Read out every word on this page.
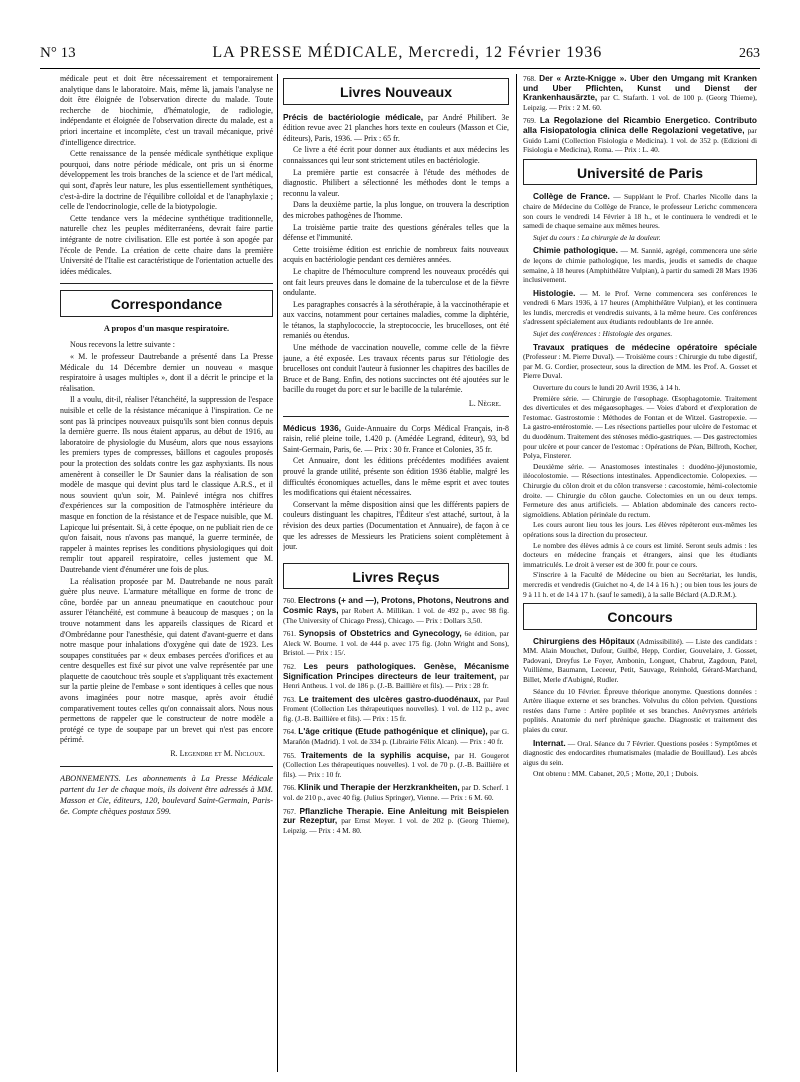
N° 13	LA PRESSE MÉDICALE, Mercredi, 12 Février 1936	263

médicale peut et doit être nécessairement et temporairement analytique dans le laboratoire. Mais, même là, jamais l'analyse ne doit être éloignée de l'observation directe du malade. Toute recherche de biochimie, d'hématologie, de radiologie, indépendante et éloignée de l'observation directe du malade, est a priori incertaine et incomplète, c'est un travail mécanique, privé d'intelligence directrice.

Cette renaissance de la pensée médicale synthétique explique pourquoi, dans notre période médicale, ont pris un si énorme développement les trois branches de la science et de l'art médical, qui sont, d'après leur nature, les plus essentiellement synthétiques, c'est-à-dire la doctrine de l'équilibre colloïdal et de l'anaphylaxie ; celle de l'endocrinologie, celle de la biotypologie.

Cette tendance vers la médecine synthétique traditionnelle, naturelle chez les peuples méditerranéens, devrait faire partie intégrante de notre civilisation. Elle est portée à son apogée par l'école de Pende. La création de cette chaire dans la première Université de l'Italie est caractéristique de l'orientation actuelle des idées médicales.

Correspondance
A propos d'un masque respiratoire.

Nous recevons la lettre suivante :

« M. le professeur Dautrebande a présenté dans La Presse Médicale du 14 Décembre dernier un nouveau « masque respiratoire à usages multiples », dont il a décrit le principe et la réalisation.

Il a voulu, dit-il, réaliser l'étanchéité, la suppression de l'espace nuisible et celle de la résistance mécanique à l'inspiration. Ce ne sont pas là principes nouveaux puisqu'ils sont bien connus depuis la dernière guerre. Ils nous étaient apparus, au début de 1916, au laboratoire de physiologie du Muséum, alors que nous essayions les premiers types de compresses, bâillons et cagoules proposés pour la protection des soldats contre les gaz asphyxiants. Ils nous amenèrent à conseiller le Dr Saunier dans la réalisation de son modèle de masque qui devint plus tard le classique A.R.S., et il nous souvient qu'un soir, M. Painlevé intégra nos chiffres d'expériences sur la composition de l'atmosphère intérieure du masque en fonction de la résistance et de l'espace nuisible, que M. Lapicque lui présentait. Si, à cette époque, on ne publiait rien de ce qu'on faisait, nous n'avons pas manqué, la guerre terminée, de rappeler à maintes reprises les conditions physiologiques qui doit remplir tout appareil respiratoire, celles justement que M. Dautrebande vient d'énumérer une fois de plus.

La réalisation proposée par M. Dautrebande ne nous paraît guère plus neuve. L'armature métallique en forme de tronc de cône, bordée par un anneau pneumatique en caoutchouc pour assurer l'étanchéité, est commune à beaucoup de masques ; on la trouve notamment dans les appareils classiques de Ricard et d'Ombrédanne pour l'anesthésie, qui datent d'avant-guerre et dans notre masque pour inhalations d'oxygène qui date de 1923. Les soupapes constituées par « deux embases percées d'orifices et au centre desquelles est fixé sur pivot une valve représentée par une plaquette de caoutchouc très souple et s'appliquant très exactement sur la partie pleine de l'embase » sont identiques à celles que nous avons imaginées pour notre masque, après avoir étudié comparativement toutes celles qu'on connaissait alors. Nous nous permettons de rappeler que le constructeur de notre modèle a protégé ce type de soupape par un brevet qui n'est pas encore périmé.

R. Legendre et M. Nicloux.

ABONNEMENTS. Les abonnements à La Presse Médicale partent du 1er de chaque mois, ils doivent être adressés à MM. Masson et Cie, éditeurs, 120, boulevard Saint-Germain, Paris-6e. Compte chèques postaux 599.

Livres Nouveaux

Précis de bactériologie médicale, par André Philibert. 3e édition revue avec 21 planches hors texte en couleurs (Masson et Cie, éditeurs), Paris, 1936. — Prix : 65 fr.

Ce livre a été écrit pour donner aux étudiants et aux médecins les connaissances qui leur sont strictement utiles en bactériologie.

La première partie est consacrée à l'étude des méthodes de diagnostic. Philibert a sélectionné les méthodes dont le temps a reconnu la valeur.

Dans la deuxième partie, la plus longue, on trouvera la description des microbes pathogènes de l'homme.

La troisième partie traite des questions générales telles que la défense et l'immunité.

Cette troisième édition est enrichie de nombreux faits nouveaux acquis en bactériologie pendant ces dernières années.

Le chapitre de l'hémoculture comprend les nouveaux procédés qui ont fait leurs preuves dans le domaine de la tuberculose et de la fièvre ondulante.

Les paragraphes consacrés à la sérothérapie, à la vaccinothérapie et aux vaccins, notamment pour certaines maladies, comme la diphtérie, le tétanos, la staphylococcie, la streptococcie, les brucelloses, ont été remaniés ou étendus.

Une méthode de vaccination nouvelle, comme celle de la fièvre jaune, a été exposée. Les travaux récents parus sur l'étiologie des brucelloses ont conduit l'auteur à fusionner les chapitres des bacilles de Bruce et de Bang. Enfin, des notions succinctes ont été ajoutées sur le bacille du rouget du porc et sur le bacille de la tularémie.

L. Nègre.

Médicus 1936, Guide-Annuaire du Corps Médical Français, in-8 raisin, relié pleine toile, 1.420 p. (Amédée Legrand, éditeur), 93, bd Saint-Germain, Paris, 6e. — Prix : 30 fr. France et Colonies, 35 fr.

Cet Annuaire, dont les éditions précédentes modifiées avaient prouvé la grande utilité, présente son édition 1936 établie, malgré les difficultés économiques actuelles, dans le même esprit et avec toutes les modifications qui étaient nécessaires.

Conservant la même disposition ainsi que les différents papiers de couleurs distinguant les chapitres, l'Éditeur s'est attaché, surtout, à la révision des deux parties (Documentation et Annuaire), de façon à ce que les adresses de Messieurs les Praticiens soient complètement à jour.

Livres Reçus

760. Electrons (+ and —), Protons, Photons, Neutrons and Cosmic Rays, par Robert A. Millikan. 1 vol. de 492 p., avec 98 fig. (The University of Chicago Press), Chicago. — Prix : Dollars 3,50.

761. Synopsis of Obstetrics and Gynecology, 6e édition, par Aleck W. Bourne. 1 vol. de 444 p. avec 175 fig. (John Wright and Sons), Bristol. — Prix : 15/.

762. Les peurs pathologiques. Genèse, Mécanisme Signification Principes directeurs de leur traitement, par Henri Antheus. 1 vol. de 186 p. (J.-B. Baillière et fils). — Prix : 28 fr.

763. Le traitement des ulcères gastro-duodénaux, par Paul Froment (Collection Les thérapeutiques nouvelles). 1 vol. de 112 p., avec fig. (J.-B. Baillière et fils). — Prix : 15 fr.

764. L'âge critique (Etude pathogénique et clinique), par G. Marañón (Madrid). 1 vol. de 334 p. (Librairie Félix Alcan). — Prix : 40 fr.

765. Traitements de la syphilis acquise, par H. Gougerot (Collection Les thérapeutiques nouvelles). 1 vol. de 70 p. (J.-B. Baillière et fils). — Prix : 10 fr.

766. Klinik und Therapie der Herzkrankheiten, par D. Scherf. 1 vol. de 210 p., avec 40 fig. (Julius Springer), Vienne. — Prix : 6 M. 60.

767. Pflanzliche Therapie. Eine Anleitung mit Beispielen zur Rezeptur, par Ernst Meyer. 1 vol. de 202 p. (Georg Thieme), Leipzig. — Prix : 4 M. 80.

768. Der « Arzte-Knigge ». Uber den Umgang mit Kranken und Uber Pflichten, Kunst und Dienst der Krankenhausärzte, par C. Stafarth. 1 vol. de 100 p. (Georg Thieme), Leipzig. — Prix : 2 M. 60.

769. La Regolazione del Ricambio Energetico. Contributo alla Fisiopatologia clinica delle Regolazioni vegetative, par Guido Lami (Collection Fisiologia e Medicina). 1 vol. de 352 p. (Edizioni di Fisiologia e Medicina), Roma. — Prix : L. 40.

Université de Paris

Collège de France. — Suppléant le Prof. Charles Nicolle dans la chaire de Médecine du Collège de France, le professeur Lerichc commencera son cours le vendredi 14 Février à 18 h., et le continuera le vendredi et le samedi de chaque semaine aux mêmes heures.

Sujet du cours : La chirurgie de la douleur.

Chimie pathologique. — M. Sannié, agrégé, commencera une série de leçons de chimie pathologique, les mardis, jeudis et samedis de chaque semaine, à 18 heures (Amphithéâtre Vulpian), à partir du samedi 28 Mars 1936 inclusivement.

Histologie. — M. le Prof. Verne commencera ses conférences le vendredi 6 Mars 1936, à 17 heures (Amphithéâtre Vulpian), et les continuera les lundis, mercredis et vendredis suivants, à la même heure. Ces conférences s'adressent spécialement aux étudiants redoublants de 1re année.

Sujet des conférences : Histologie des organes.

Travaux pratiques de médecine opératoire spéciale (Professeur : M. Pierre Duval). — Troisième cours : Chirurgie du tube digestif, par M. G. Cordier, prosecteur, sous la direction de MM. les Prof. A. Gosset et Pierre Duval.

Ouverture du cours le lundi 20 Avril 1936, à 14 h.

Première série. — Chirurgie de l'œsophage. Œsophagotomie. Traitement des diverticules et des mégaœsophages. — Voies d'abord et d'exploration de l'estomac. Gastrostomie : Méthodes de Fontan et de Witzel. Gastropexie. — La gastro-entérostomie. — Les résections partielles pour ulcère de l'estomac et du duodénum. Traitement des sténoses médio-gastriques. — Des gastrectomies pour ulcère et pour cancer de l'estomac : Opérations de Péan, Billroth, Kocher, Polya, Finsterer.

Deuxième série. — Anastomoses intestinales : duodéno-jéjunostomie, iléocolostomie. — Résections intestinales. Appendicectomie. Colopexies. — Chirurgie du côlon droit et du côlon transverse : cæcostomie, hémi-colectomie droite. — Chirurgie du côlon gauche. Colectomies en un ou deux temps. Fermeture des anus artificiels. — Ablation abdominale des cancers recto-sigmoïdiens. Ablation périnéale du rectum.

Les cours auront lieu tous les jours. Les élèves répéteront eux-mêmes les opérations sous la direction du prosecteur.

Le nombre des élèves admis à ce cours est limité. Seront seuls admis : les docteurs en médecine français et étrangers, ainsi que les étudiants immatriculés. Le droit à verser est de 300 fr. pour ce cours.

S'inscrire à la Faculté de Médecine ou bien au Secrétariat, les lundis, mercredis et vendredis (Guichet no 4, de 14 à 16 h.) ; ou bien tous les jours de 9 à 11 h. et de 14 à 17 h. (sauf le samedi), à la salle Béclard (A.D.R.M.).

Concours

Chirurgiens des Hôpitaux (Admissibilité). — Liste des candidats : MM. Alain Mouchet, Dufour, Guilbé, Hepp, Cordier, Gouvelaire, J. Gosset, Padovani, Dreyfus Le Foyer, Ambonin, Longuet, Chabrut, Zagdoun, Patel, Vuillième, Baumann, Leceeur, Petit, Sauvage, Reinhold, Gérard-Marchand, Billet, Merle d'Aubigné, Rudler.

Séance du 10 Février. Épreuve théorique anonyme. Questions données : Artère iliaque externe et ses branches. Volvulus du côlon pelvien. Questions restées dans l'urne : Artère poplitée et ses branches. Anévrysmes artériels poplités. Anatomie du nerf phrénique gauche. Diagnostic et traitement des plaies du cœur.

Internat. — Oral. Séance du 7 Février. Questions posées : Symptômes et diagnostic des endocardites rhumatismales (maladie de Bouillaud). Les abcès aigus du sein.

Ont obtenu : MM. Cabanet, 20,5 ; Motte, 20,1 ; Dubois.
